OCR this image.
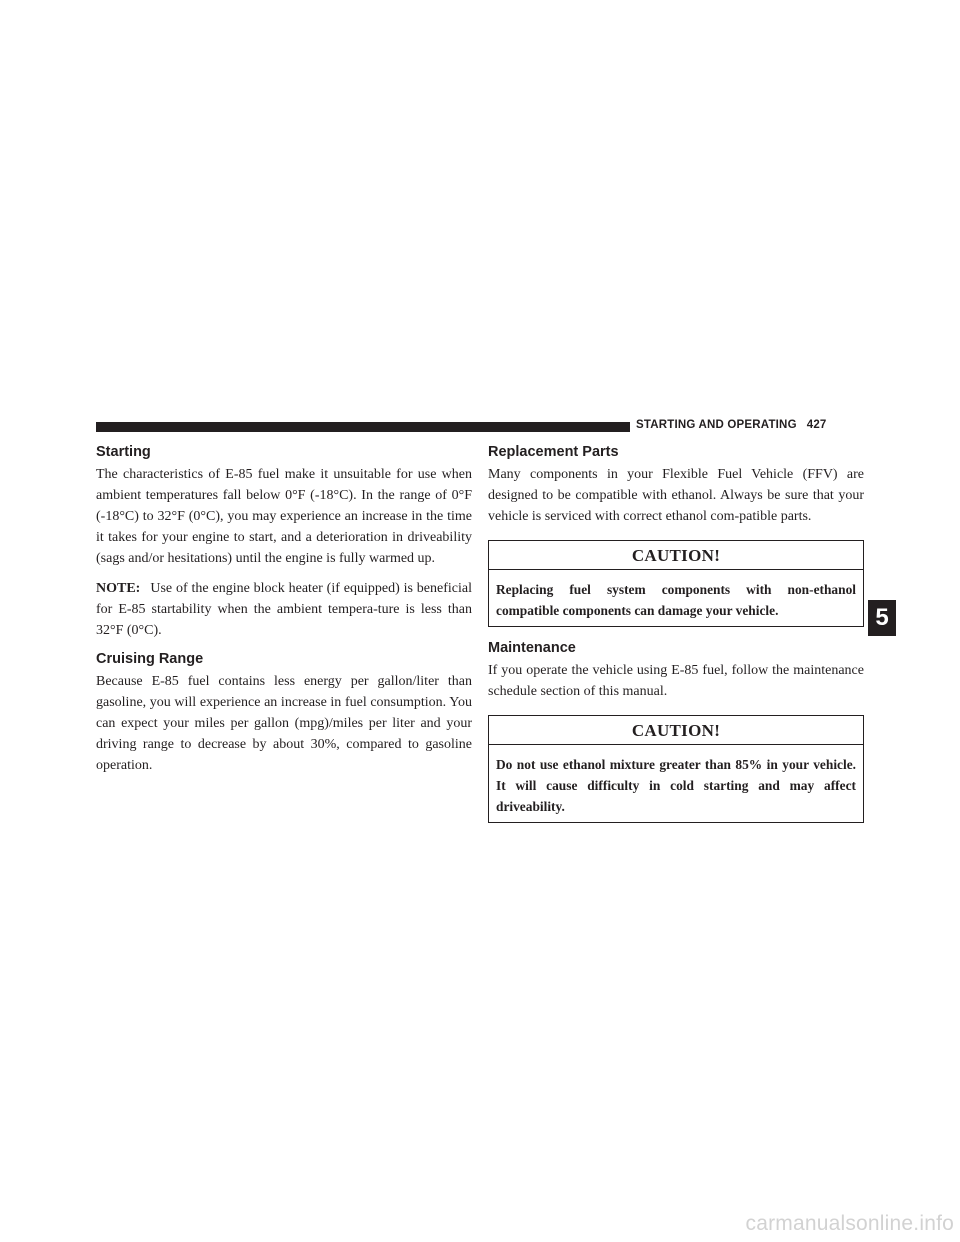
STARTING AND OPERATING 427
Starting

The characteristics of E-85 fuel make it unsuitable for use when ambient temperatures fall below 0°F (-18°C). In the range of 0°F (-18°C) to 32°F (0°C), you may experience an increase in the time it takes for your engine to start, and a deterioration in driveability (sags and/or hesitations) until the engine is fully warmed up.

NOTE: Use of the engine block heater (if equipped) is beneficial for E-85 startability when the ambient tempera-ture is less than 32°F (0°C).

Cruising Range

Because E-85 fuel contains less energy per gallon/liter than gasoline, you will experience an increase in fuel consumption. You can expect your miles per gallon (mpg)/miles per liter and your driving range to decrease by about 30%, compared to gasoline operation.

Replacement Parts

Many components in your Flexible Fuel Vehicle (FFV) are designed to be compatible with ethanol. Always be sure that your vehicle is serviced with correct ethanol com-patible parts.

CAUTION!
Replacing fuel system components with non-ethanol compatible components can damage your vehicle.
Maintenance

If you operate the vehicle using E-85 fuel, follow the maintenance schedule section of this manual.

CAUTION!
Do not use ethanol mixture greater than 85% in your vehicle. It will cause difficulty in cold starting and may affect driveability.
5
carmanualsonline.info
